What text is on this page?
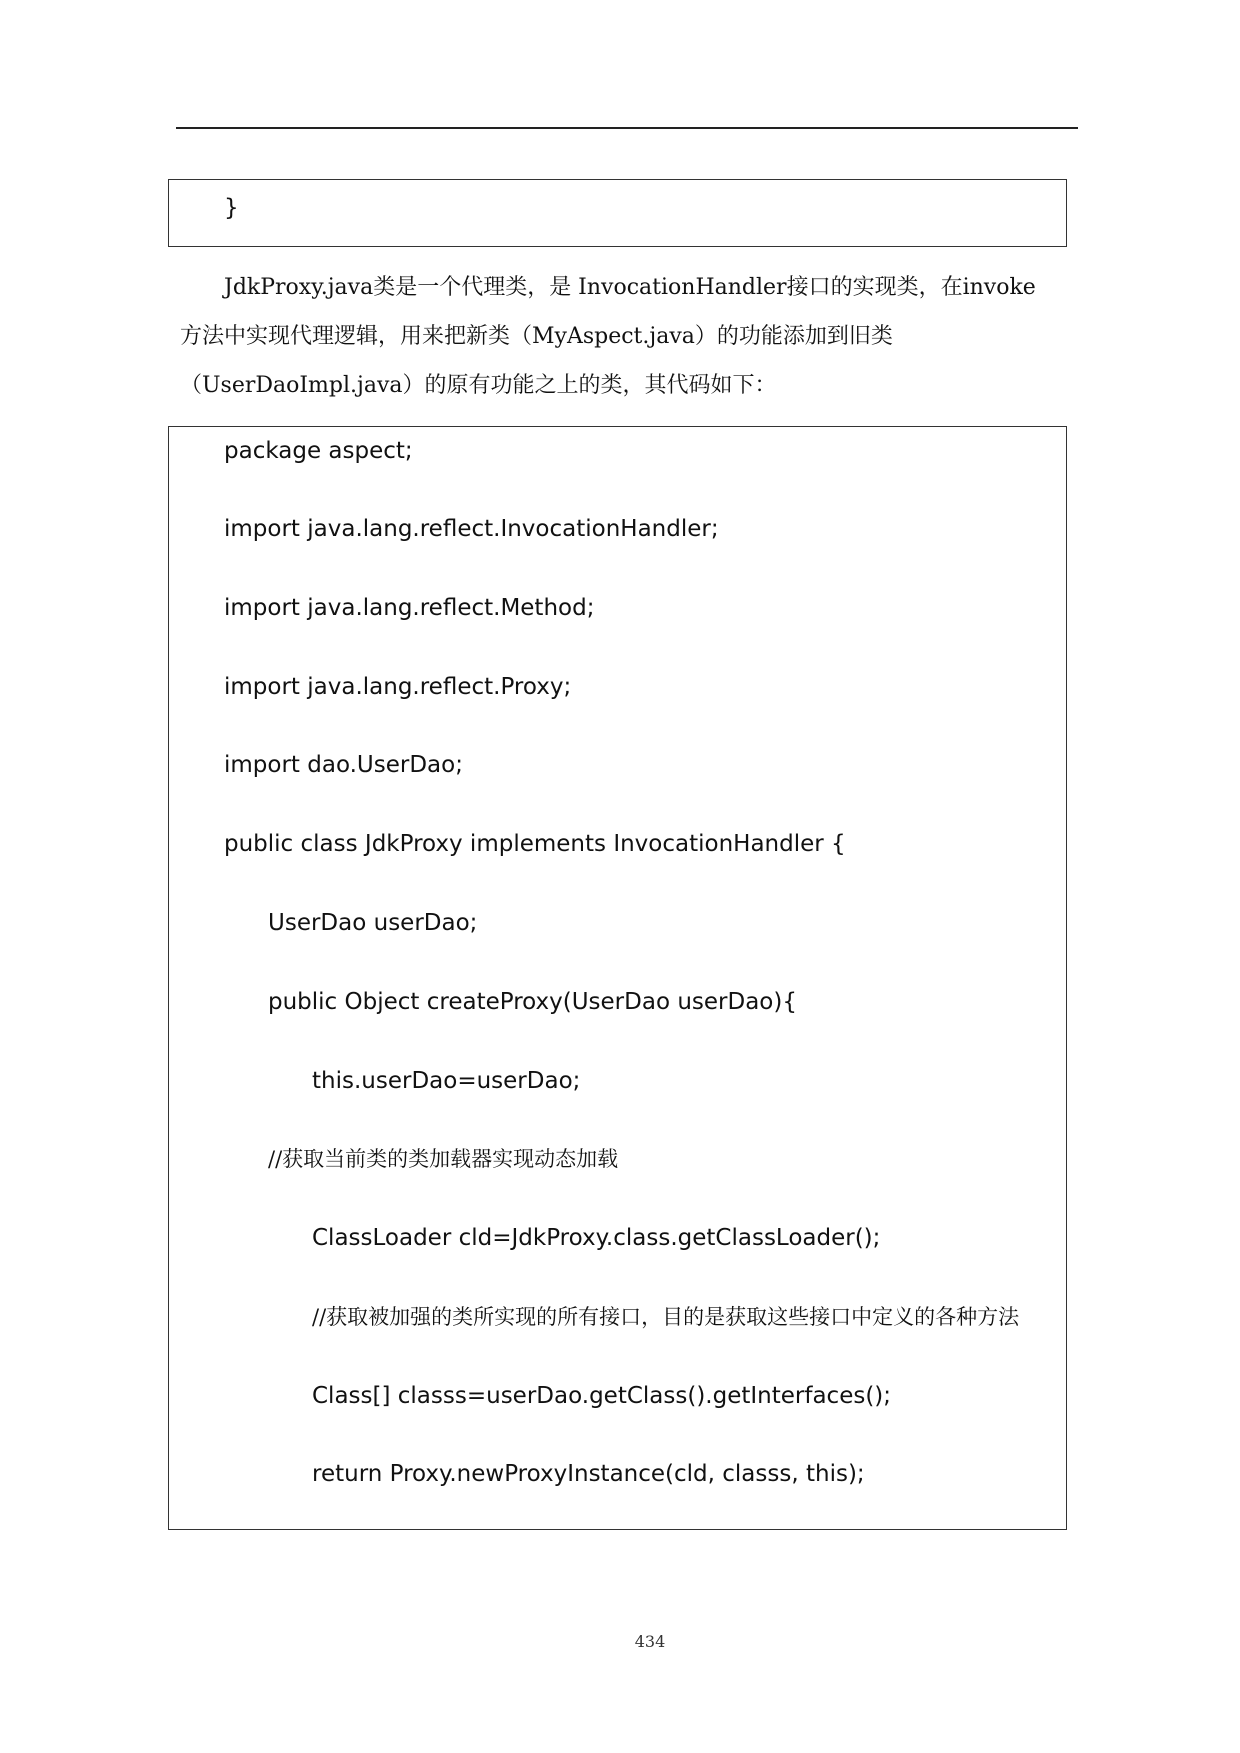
}
JdkProxy.java类是一个代理类，是 InvocationHandler接口的实现类，在invoke
方法中实现代理逻辑，用来把新类（MyAspect.java）的功能添加到旧类
（UserDaoImpl.java）的原有功能之上的类，其代码如下：
package aspect;
import java.lang.reflect.InvocationHandler;
import java.lang.reflect.Method;
import java.lang.reflect.Proxy;
import dao.UserDao;
public class JdkProxy implements InvocationHandler {
UserDao userDao;
public Object createProxy(UserDao userDao){
this.userDao=userDao;
//获取当前类的类加载器实现动态加载
ClassLoader cld=JdkProxy.class.getClassLoader();
//获取被加强的类所实现的所有接口，目的是获取这些接口中定义的各种方法
Class[] classs=userDao.getClass().getInterfaces();
return Proxy.newProxyInstance(cld, classs, this);
434
